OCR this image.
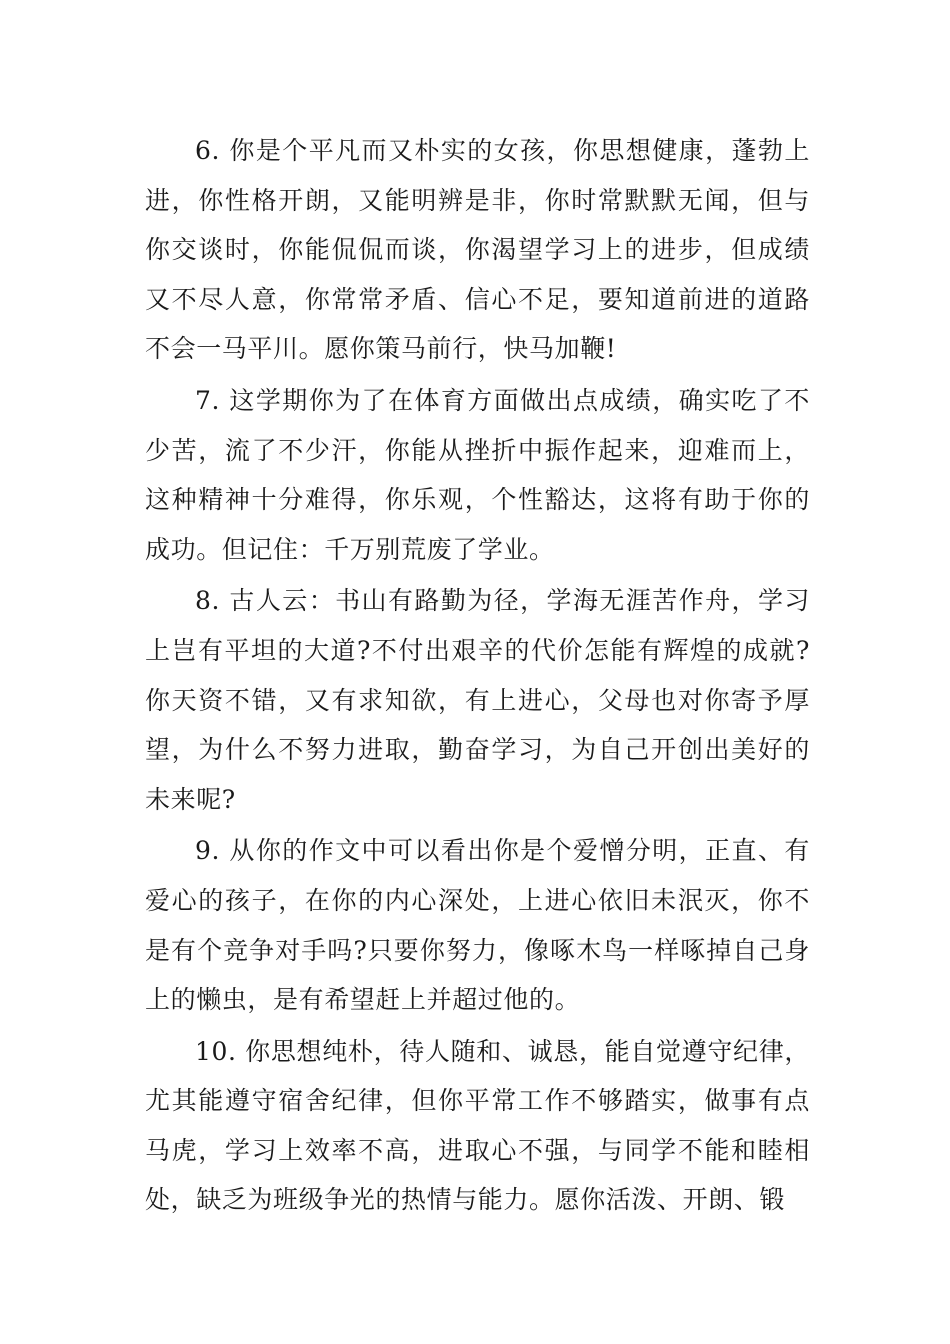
6. 你是个平凡而又朴实的女孩，你思想健康，蓬勃上进，你性格开朗，又能明辨是非，你时常默默无闻，但与你交谈时，你能侃侃而谈，你渴望学习上的进步，但成绩又不尽人意，你常常矛盾、信心不足，要知道前进的道路不会一马平川。愿你策马前行，快马加鞭!

7. 这学期你为了在体育方面做出点成绩，确实吃了不少苦，流了不少汗，你能从挫折中振作起来，迎难而上，这种精神十分难得，你乐观，个性豁达，这将有助于你的成功。但记住：千万别荒废了学业。

8. 古人云：书山有路勤为径，学海无涯苦作舟，学习上岂有平坦的大道?不付出艰辛的代价怎能有辉煌的成就?你天资不错，又有求知欲，有上进心，父母也对你寄予厚望，为什么不努力进取，勤奋学习，为自己开创出美好的未来呢?

9. 从你的作文中可以看出你是个爱憎分明，正直、有爱心的孩子，在你的内心深处，上进心依旧未泯灭，你不是有个竞争对手吗?只要你努力，像啄木鸟一样啄掉自己身上的懒虫，是有希望赶上并超过他的。

10. 你思想纯朴，待人随和、诚恳，能自觉遵守纪律，尤其能遵守宿舍纪律，但你平常工作不够踏实，做事有点马虎，学习上效率不高，进取心不强，与同学不能和睦相处，缺乏为班级争光的热情与能力。愿你活泼、开朗、锻
